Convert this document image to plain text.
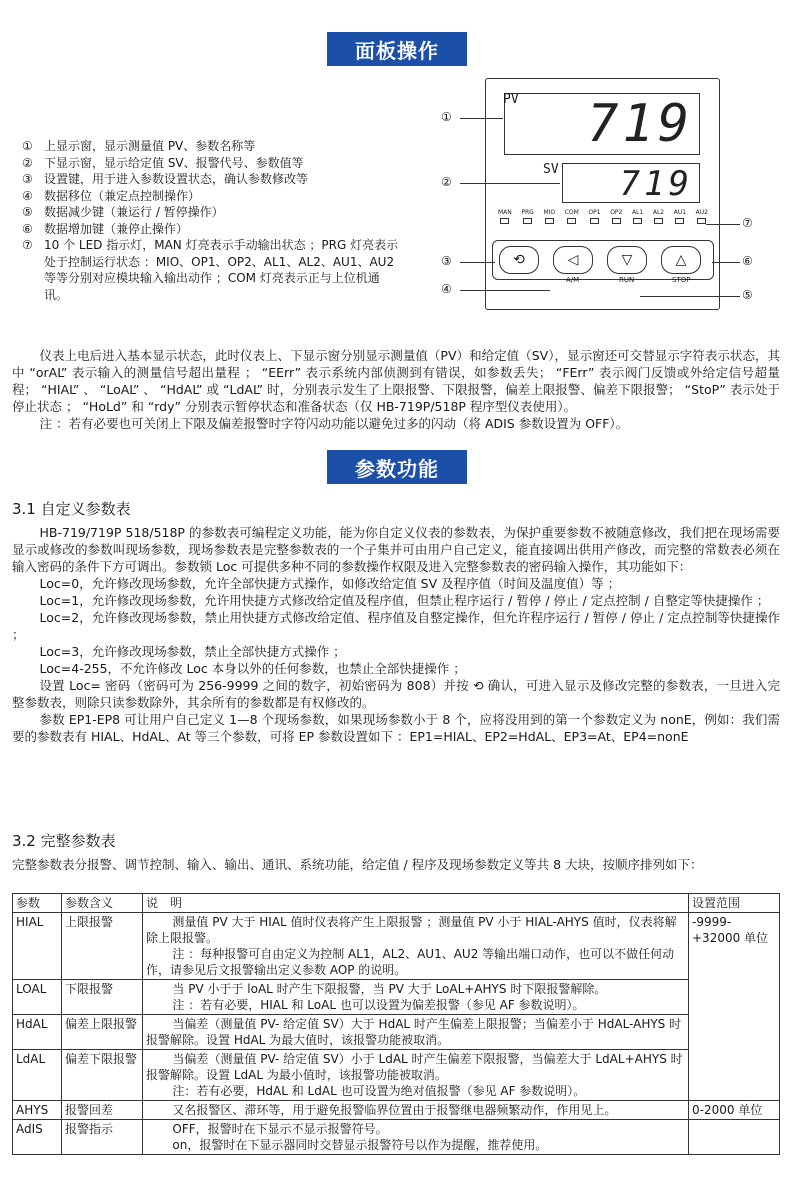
面板操作
PV 719
SV 719
MAN PRG MIO COM OP1 OP2 AL1 AL2 AU1 AU2
⟲	◁	▽	△
A/M	RUN	STOP
①
②
③
④	⑤
⑥
⑦
① 上显示窗，显示测量值 PV、参数名称等
② 下显示窗，显示给定值 SV、报警代号、参数值等
③ 设置键，用于进入参数设置状态，确认参数修改等
④ 数据移位（兼定点控制操作）
⑤ 数据减少键（兼运行 / 暂停操作）
⑥ 数据增加键（兼停止操作）
⑦ 10 个 LED 指示灯，MAN 灯亮表示手动输出状态 ；PRG 灯亮表示处于控制运行状态 ：MIO、OP1、OP2、AL1、AL2、AU1、AU2 等等分别对应模块输入输出动作 ；COM 灯亮表示正与上位机通讯。
仪表上电后进入基本显示状态，此时仪表上、下显示窗分别显示测量值（PV）和给定值（SV），显示窗还可交替显示字符表示状态，其中 “orAL” 表示输入的测量信号超出量程 ； “EErr” 表示系统内部侦测到有错误，如参数丢失； “FErr” 表示阀门反馈或外给定信号超量程； “HIAL” 、 “LoAL” 、 “HdAL” 或 “LdAL” 时，分别表示发生了上限报警、下限报警，偏差上限报警、偏差下限报警； “StoP” 表示处于停止状态 ； “HoLd” 和 “rdy” 分别表示暂停状态和准备状态（仅 HB-719P/518P 程序型仪表使用）。
注 ：若有必要也可关闭上下限及偏差报警时字符闪动功能以避免过多的闪动（将 ADIS 参数设置为 OFF）。
参数功能
3.1 自定义参数表
HB-719/719P 518/518P 的参数表可编程定义功能，能为你自定义仪表的参数表，为保护重要参数不被随意修改，我们把在现场需要显示或修改的参数叫现场参数，现场参数表是完整参数表的一个子集并可由用户自己定义，能直接调出供用产修改，而完整的常数表必须在输入密码的条件下方可调出。参数锁 Loc 可提供多种不同的参数操作权限及进入完整参数表的密码输入操作，其功能如下：
Loc=0，允许修改现场参数，允许全部快捷方式操作，如修改给定值 SV 及程序值（时间及温度值）等 ；
Loc=1，允许修改现场参数，允许用快捷方式修改给定值及程序值，但禁止程序运行 / 暂停 / 停止 / 定点控制 / 自整定等快捷操作 ；
Loc=2，允许修改现场参数，禁止用快捷方式修改给定值、程序值及自整定操作，但允许程序运行 / 暂停 / 停止 / 定点控制等快捷操作 ；
Loc=3，允许修改现场参数，禁止全部快捷方式操作 ；
Loc=4-255，不允许修改 Loc 本身以外的任何参数，也禁止全部快捷操作 ；
设置 Loc= 密码（密码可为 256-9999 之间的数字，初始密码为 808）并按 ⟲ 确认，可进入显示及修改完整的参数表，一旦进入完整参数表，则除只读参数除外，其余所有的参数都是有权修改的。
参数 EP1-EP8 可让用户自己定义 1—8 个现场参数，如果现场参数小于 8 个，应将没用到的第一个参数定义为 nonE，例如：我们需要的参数表有 HIAL、HdAL、At 等三个参数，可将 EP 参数设置如下 ：EP1=HIAL、EP2=HdAL、EP3=At、EP4=nonE
3.2 完整参数表
完整参数表分报警、调节控制、输入、输出、通讯、系统功能，给定值 / 程序及现场参数定义等共 8 大块，按顺序排列如下：
参数	参数含义	说　明	设置范围
HIAL	上限报警	测量值 PV 大于 HIAL 值时仪表将产生上限报警 ；测量值 PV 小于 HIAL-AHYS 值时，仪表将解除上限报警。
注 ：每种报警可自由定义为控制 AL1，AL2、AU1、AU2 等输出端口动作，也可以不做任何动作，请参见后文报警输出定义参数 AOP 的说明。	-9999-+32000 单位
LOAL	下限报警	当 PV 小于于 loAL 时产生下限报警，当 PV 大于 LoAL+AHYS 时下限报警解除。
注 ：若有必要，HIAL 和 LoAL 也可以设置为偏差报警（参见 AF 参数说明）。	

HdAL	偏差上限报警	当偏差（测量值 PV- 给定值 SV）大于 HdAL 时产生偏差上限报警；当偏差小于 HdAL-AHYS 时报警解除。设置 HdAL 为最大值时，该报警功能被取消。	

LdAL	偏差下限报警	当偏差（测量值 PV- 给定值 SV）小于 LdAL 时产生偏差下限报警，当偏差大于 LdAL+AHYS 时报警解除。设置 LdAL 为最小值时，该报警功能被取消。
注：若有必要，HdAL 和 LdAL 也可设置为绝对值报警（参见 AF 参数说明）。	

AHYS	报警回差	又名报警区、滞环等，用于避免报警临界位置由于报警继电器频繁动作，作用见上。	0-2000 单位
AdIS	报警指示	OFF，报警时在下显示不显示报警符号。
on，报警时在下显示器同时交替显示报警符号以作为提醒，推荐使用。	
